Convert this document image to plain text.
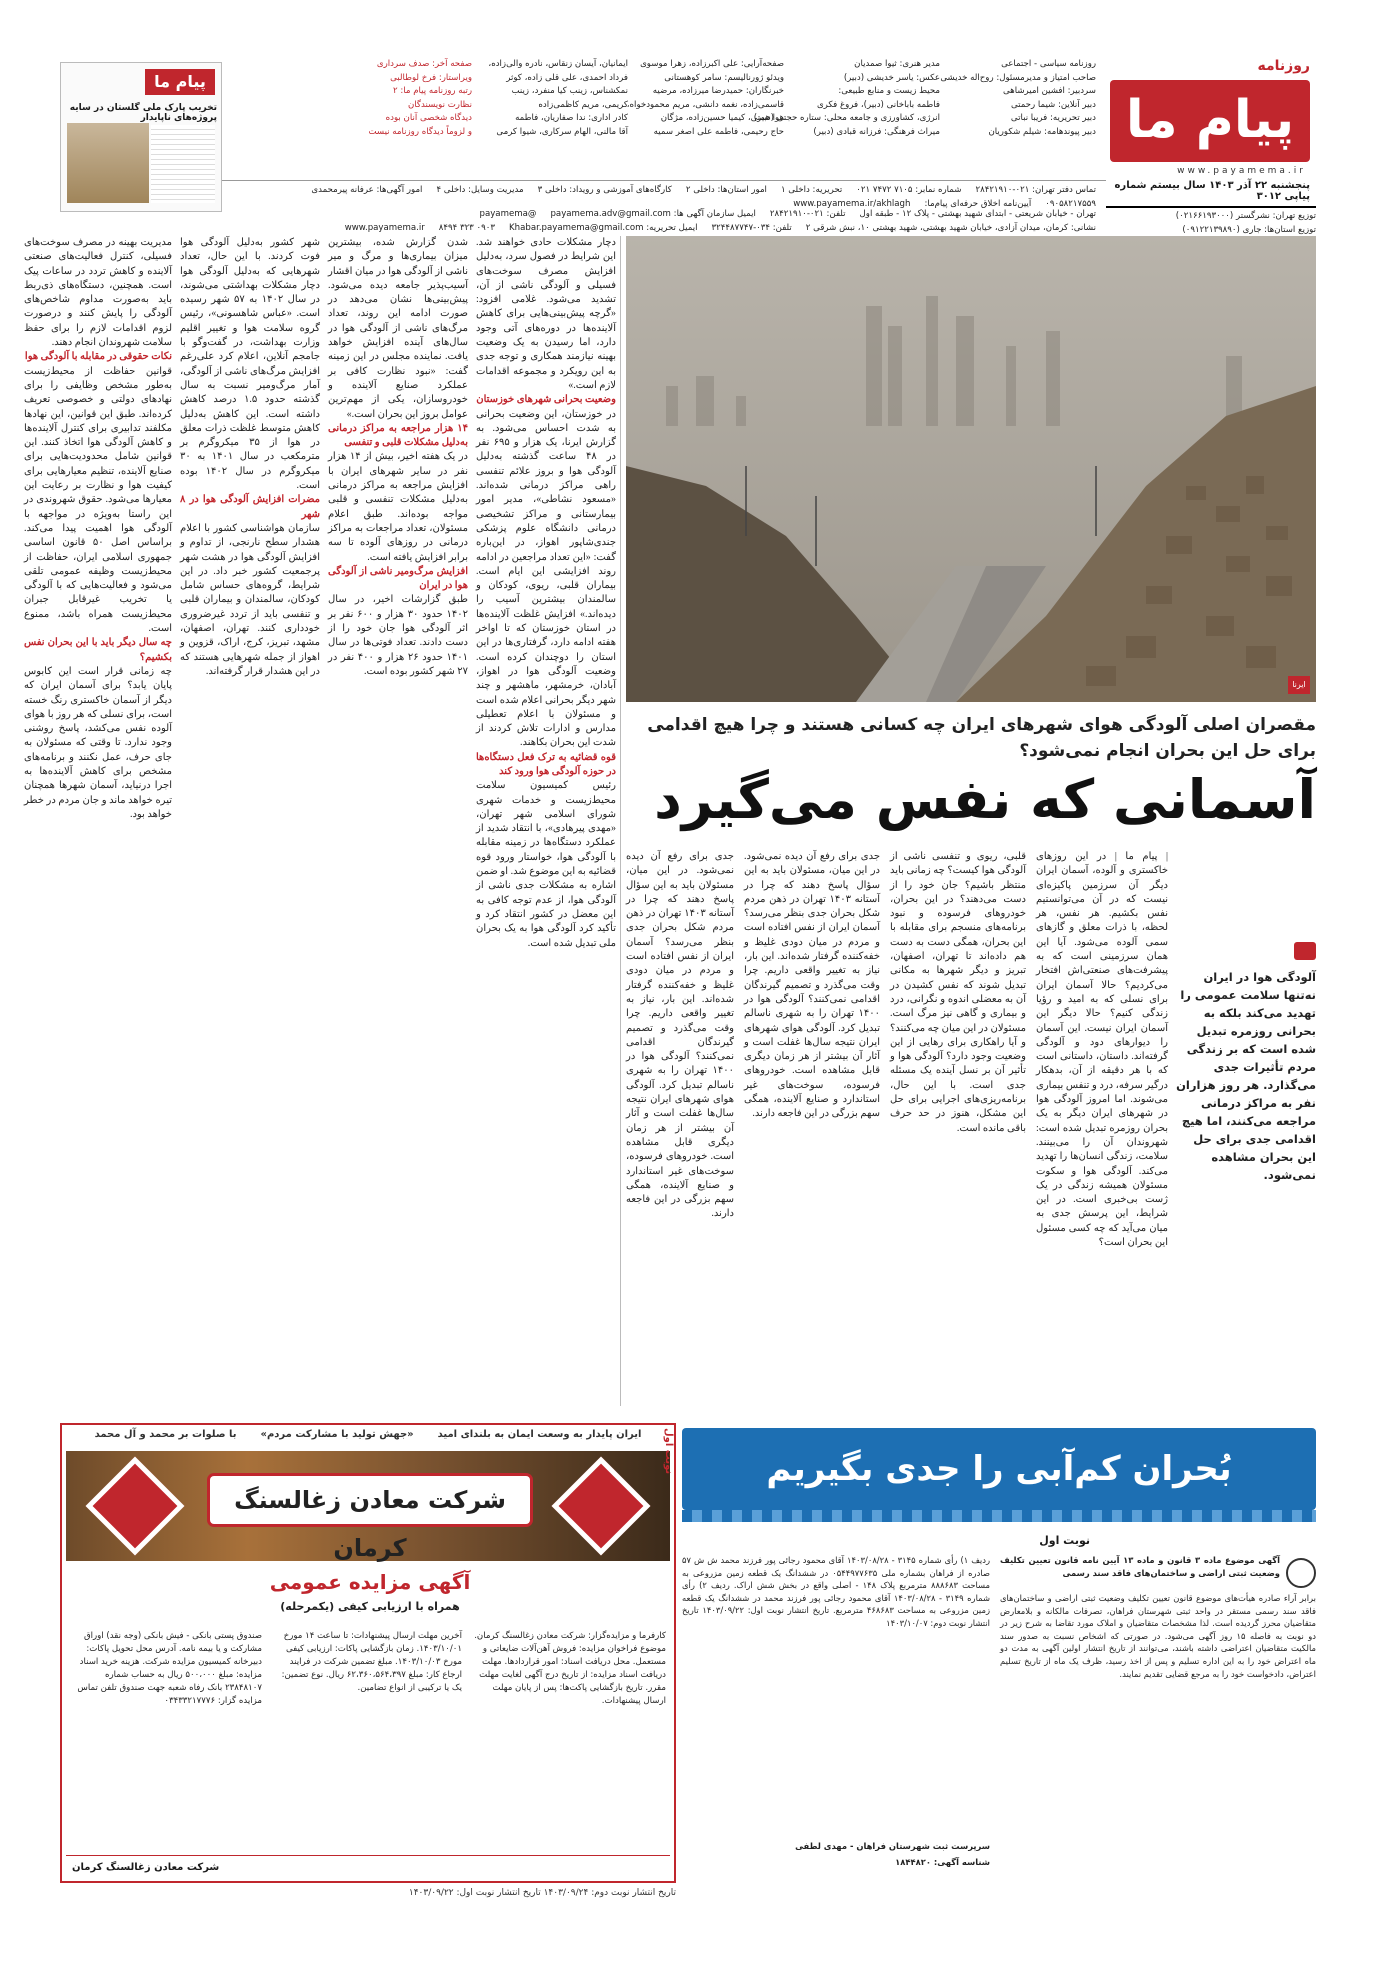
روزنامه
پیام ما
www.payamema.ir
پنجشنبه ۲۲ آذر ۱۴۰۳ سال بیستم شماره پیاپی ۳۰۱۲
روزنامه سیاسی - اجتماعی
صاحب امتیاز و مدیرمسئول: روح‌اله خدیشی
سردبیر: افشین امیرشاهی
دبیر آنلاین: شیما رحمتی
دبیر تحریریه: فریبا نباتی
دبیر پیوندهامه: شیلم شکوریان
مدیر هنری: ثیوا صمدیان
عکس: یاسر خدیشی (دبیر)
محیط زیست و منابع طبیعی:
فاطمه باباخانی (دبیر)، فروغ فکری
انرژی، کشاورزی و جامعه محلی: ستاره حجتی (دبیر)
میراث فرهنگی: فرزانه قبادی (دبیر)
صفحه‌آرایی: علی اکبرزاده، زهرا موسوی
ویدئو ژورنالیسم: سامر کوهستانی
خبرنگاران: حمیدرضا میرزاده، مرضیه
قاسمی‌زاده، نغمه دانشی، مریم محمودخواه،
هوا همتی، کیمیا حسین‌زاده، مژگان
حاج رحیمی، فاطمه علی اصغر سمیه
ایمانیان، آیسان زنقاس، نادره والی‌زاده،
فرداد احمدی، علی قلی زاده، کوثر
نمکشناس، زینب کیا منفرد، زینب
کریمی، مریم کاظمی‌زاده
کادر اداری: ندا صفاریان، فاطمه
آقا مالنی، الهام سرکاری، شیوا کرمی
صفحه آخر: صدف سرداری
ویراستار: فرخ لوطالبی
رتبه روزنامه پیام ما: ۲
نظارت نویسندگان
دیدگاه شخصی آنان بوده
و لزوماً دیدگاه روزنامه نیست
تماس دفتر تهران: ۰۲۱-۲۸۴۲۱۹۱۰
شماره نمابر: ۷۱۰۵ ۷۴۷۲ ۰۲۱
تحریریه: داخلی ۱
امور استان‌ها: داخلی ۲
کارگاه‌های آموزشی و رویداد: داخلی ۳
مدیریت وسایل: داخلی ۴
امور آگهی‌ها: عرفانه پیرمحمدی
۰۹۰۵۸۲۱۷۵۵۹
آیین‌نامه اخلاق حرفه‌ای پیام‌ما:
www.payamema.ir/akhlagh
تهران - خیابان شریعتی - ابتدای شهید بهشتی - پلاک ۱۲ - طبقه اول
تلفن: ۰۲۱-۲۸۴۲۱۹۱۰
ایمیل سازمان آگهی ها: payamema.adv@gmail.com
@payamema
نشانی: کرمان، میدان آزادی، خیابان شهید بهشتی، شهید بهشتی ۱۰، نبش شرقی ۲
تلفن: ۰۳۴-۳۲۴۴۸۷۷۴۷
ایمیل تحریریه: Khabar.payamema@gmail.com
۰۹۰۳ ۳۲۳ ۸۴۹۴
www.payamema.ir
توزیع تهران: نشرگستر (۰۲۱۶۶۱۹۳۰۰۰)
توزیع استان‌ها: جاری (۰۹۱۲۲۱۳۹۸۹۰)
پیام ما
تخریب پارک ملی گلستان در سایه پروژه‌های ناپایدار
ایرنا
مقصران اصلی آلودگی هوای شهرهای ایران چه کسانی هستند و چرا هیچ اقدامی برای حل این بحران انجام نمی‌شود؟
آسمانی که نفس می‌گیرد

آلودگی هوا در ایران نه‌تنها سلامت عمومی را تهدید می‌کند بلکه به بحرانی روزمره تبدیل شده است که بر زندگی مردم تأثیرات جدی می‌گذارد. هر روز هزاران نفر به مراکز درمانی مراجعه می‌کنند، اما هیچ اقدامی جدی برای حل این بحران مشاهده نمی‌شود.

| پیام ما | در این روزهای خاکستری و آلوده، آسمان ایران دیگر آن سرزمین پاکیزه‌ای نیست که در آن می‌توانستیم نفس بکشیم. هر نفس، هر لحظه، با ذرات معلق و گازهای سمی آلوده می‌شود. آیا این همان سرزمینی است که به پیشرفت‌های صنعتی‌اش افتخار می‌کردیم؟ حالا آسمان ایران برای نسلی که به امید و رؤیا زندگی کنیم؟ حالا دیگر این آسمان ایران نیست. این آسمان را دیوارهای دود و آلودگی گرفته‌اند. داستان، داستانی است که با هر دقیقه از آن، بدهکار درگیر سرفه، درد و تنفس بیماری می‌شوند. اما امروز آلودگی هوا در شهرهای ایران دیگر به یک بحران روزمره تبدیل شده است: شهروندان آن را می‌بینند. سلامت، زندگی انسان‌ها را تهدید می‌کند. آلودگی هوا و سکوت مسئولان همیشه زندگی در یک ژست بی‌خبری است. در این شرایط، این پرسش جدی به میان می‌آید که چه کسی مسئول این بحران است؟

قلبی، ریوی و تنفسی ناشی از آلودگی هوا کیست؟ چه زمانی باید منتظر باشیم؟ جان خود را از دست می‌دهند؟ در این بحران، خودروهای فرسوده و نبود برنامه‌های منسجم برای مقابله با این بحران، همگی دست به دست هم داده‌اند تا تهران، اصفهان، تبریز و دیگر شهرها به مکانی تبدیل شوند که نفس کشیدن در آن به معضلی اندوه و نگرانی، درد و بیماری و گاهی نیز مرگ است. مسئولان در این میان چه می‌کنند؟ و آیا راهکاری برای رهایی از این وضعیت وجود دارد؟ آلودگی هوا و تأثیر آن بر نسل آینده یک مسئله جدی است. با این حال، برنامه‌ریزی‌های اجرایی برای حل این مشکل، هنوز در حد حرف باقی مانده است.

جدی برای رفع آن دیده نمی‌شود. در این میان، مسئولان باید به این سؤال پاسخ دهند که چرا در آستانه ۱۴۰۳ تهران در ذهن مردم شکل بحران جدی بنظر می‌رسد؟ آسمان ایران از نفس افتاده است و مردم در میان دودی غلیظ و خفه‌کننده گرفتار شده‌اند. این بار، نیاز به تغییر واقعی داریم. چرا وقت می‌گذرد و تصمیم گیرندگان اقدامی نمی‌کنند؟ آلودگی هوا در ۱۴۰۰ تهران را به شهری ناسالم تبدیل کرد. آلودگی هوای شهرهای ایران نتیجه سال‌ها غفلت است و آثار آن بیشتر از هر زمان دیگری قابل مشاهده است. خودروهای فرسوده، سوخت‌های غیر استاندارد و صنایع آلاینده، همگی سهم بزرگی در این فاجعه دارند.

جدی برای رفع آن دیده نمی‌شود. در این میان، مسئولان باید به این سؤال پاسخ دهند که چرا در آستانه ۱۴۰۳ تهران در ذهن مردم شکل بحران جدی بنظر می‌رسد؟ آسمان ایران از نفس افتاده است و مردم در میان دودی غلیظ و خفه‌کننده گرفتار شده‌اند. این بار، نیاز به تغییر واقعی داریم. چرا وقت می‌گذرد و تصمیم گیرندگان اقدامی نمی‌کنند؟ آلودگی هوا در ۱۴۰۰ تهران را به شهری ناسالم تبدیل کرد. آلودگی هوای شهرهای ایران نتیجه سال‌ها غفلت است و آثار آن بیشتر از هر زمان دیگری قابل مشاهده است. خودروهای فرسوده، سوخت‌های غیر استاندارد و صنایع آلاینده، همگی سهم بزرگی در این فاجعه دارند.

دچار مشکلات حادی خواهند شد. این شرایط در فصول سرد، به‌دلیل افزایش مصرف سوخت‌های فسیلی و آلودگی ناشی از آن، تشدید می‌شود. غلامی افزود: «گرچه پیش‌بینی‌هایی برای کاهش آلاینده‌ها در دوره‌های آتی وجود دارد، اما رسیدن به یک وضعیت بهینه نیازمند همکاری و توجه جدی به این رویکرد و مجموعه اقدامات لازم است.»

وضعیت بحرانی شهرهای خوزستان

در خوزستان، این وضعیت بحرانی به شدت احساس می‌شود. به گزارش ایرنا، یک هزار و ۶۹۵ نفر در ۴۸ ساعت گذشته به‌دلیل آلودگی هوا و بروز علائم تنفسی راهی مراکز درمانی شده‌اند. «مسعود نشاطی»، مدیر امور بیمارستانی و مراکز تشخیصی درمانی دانشگاه علوم پزشکی جندی‌شاپور اهواز، در این‌باره گفت: «این تعداد مراجعین در ادامه روند افزایشی این ایام است. بیماران قلبی، ریوی، کودکان و سالمندان بیشترین آسیب را دیده‌اند.» افزایش غلظت آلاینده‌ها در استان خوزستان که تا اواخر هفته ادامه دارد، گرفتاری‌ها در این استان را دوچندان کرده است. وضعیت آلودگی هوا در اهواز، آبادان، خرمشهر، ماهشهر و چند شهر دیگر بحرانی اعلام شده است و مسئولان با اعلام تعطیلی مدارس و ادارات تلاش کردند از شدت این بحران بکاهند.

قوه قضائیه به ترک فعل دستگاه‌ها در حوزه آلودگی هوا ورود کند

رئیس کمیسیون سلامت محیط‌زیست و خدمات شهری شورای اسلامی شهر تهران، «مهدی پیرهادی»، با انتقاد شدید از عملکرد دستگاه‌ها در زمینه مقابله با آلودگی هوا، خواستار ورود قوه قضائیه به این موضوع شد. او ضمن اشاره به مشکلات جدی ناشی از آلودگی هوا، از عدم توجه کافی به این معضل در کشور انتقاد کرد و تأکید کرد آلودگی هوا به یک بحران ملی تبدیل شده است.

شدن گزارش شده، بیشترین میزان بیماری‌ها و مرگ و میر ناشی از آلودگی هوا در میان اقشار آسیب‌پذیر جامعه دیده می‌شود. پیش‌بینی‌ها نشان می‌دهد در صورت ادامه این روند، تعداد مرگ‌های ناشی از آلودگی هوا در سال‌های آینده افزایش خواهد یافت. نماینده مجلس در این زمینه گفت: «نبود نظارت کافی بر عملکرد صنایع آلاینده و خودروسازان، یکی از مهم‌ترین عوامل بروز این بحران است.»

۱۴ هزار مراجعه به مراکز درمانی به‌دلیل مشکلات قلبی و تنفسی

در یک هفته اخیر، بیش از ۱۴ هزار نفر در سایر شهرهای ایران با افزایش مراجعه به مراکز درمانی به‌دلیل مشکلات تنفسی و قلبی مواجه بوده‌اند. طبق اعلام مسئولان، تعداد مراجعات به مراکز درمانی در روزهای آلوده تا سه برابر افزایش یافته است.

افزایش مرگ‌ومیر ناشی از آلودگی هوا در ایران

طبق گزارشات اخیر، در سال ۱۴۰۲ حدود ۳۰ هزار و ۶۰۰ نفر بر اثر آلودگی هوا جان خود را از دست دادند. تعداد فوتی‌ها در سال ۱۴۰۱ حدود ۲۶ هزار و ۴۰۰ نفر در ۲۷ شهر کشور بوده است.

شهر کشور به‌دلیل آلودگی هوا فوت کردند. با این حال، تعداد شهرهایی که به‌دلیل آلودگی هوا دچار مشکلات بهداشتی می‌شوند، در سال ۱۴۰۲ به ۵۷ شهر رسیده است. «عباس شاهسونی»، رئیس گروه سلامت هوا و تغییر اقلیم وزارت بهداشت، در گفت‌وگو با جامجم آنلاین، اعلام کرد علی‌رغم افزایش مرگ‌های ناشی از آلودگی، آمار مرگ‌ومیر نسبت به سال گذشته حدود ۱.۵ درصد کاهش داشته است. این کاهش به‌دلیل کاهش متوسط غلظت ذرات معلق در هوا از ۳۵ میکروگرم بر مترمکعب در سال ۱۴۰۱ به ۳۰ میکروگرم در سال ۱۴۰۲ بوده است.

مضرات افزایش آلودگی هوا در ۸ شهر

سازمان هواشناسی کشور با اعلام هشدار سطح نارنجی، از تداوم و افزایش آلودگی هوا در هشت شهر پرجمعیت کشور خبر داد. در این شرایط، گروه‌های حساس شامل کودکان، سالمندان و بیماران قلبی و تنفسی باید از تردد غیرضروری خودداری کنند. تهران، اصفهان، مشهد، تبریز، کرج، اراک، قزوین و اهواز از جمله شهرهایی هستند که در این هشدار قرار گرفته‌اند.

مدیریت بهینه در مصرف سوخت‌های فسیلی، کنترل فعالیت‌های صنعتی آلاینده و کاهش تردد در ساعات پیک است. همچنین، دستگاه‌های ذی‌ربط باید به‌صورت مداوم شاخص‌های آلودگی را پایش کنند و درصورت لزوم اقدامات لازم را برای حفظ سلامت شهروندان انجام دهند.

نکات حقوقی در مقابله با آلودگی هوا

قوانین حفاظت از محیط‌زیست به‌طور مشخص وظایفی را برای نهادهای دولتی و خصوصی تعریف کرده‌اند. طبق این قوانین، این نهادها مکلفند تدابیری برای کنترل آلاینده‌ها و کاهش آلودگی هوا اتخاذ کنند. این قوانین شامل محدودیت‌هایی برای صنایع آلاینده، تنظیم معیارهایی برای کیفیت هوا و نظارت بر رعایت این معیارها می‌شود. حقوق شهروندی در این راستا به‌ویژه در مواجهه با آلودگی هوا اهمیت پیدا می‌کند. براساس اصل ۵۰ قانون اساسی جمهوری اسلامی ایران، حفاظت از محیط‌زیست وظیفه عمومی تلقی می‌شود و فعالیت‌هایی که با آلودگی یا تخریب غیرقابل جبران محیط‌زیست همراه باشد، ممنوع است.

چه سال دیگر باید با این بحران نفس بکشیم؟

چه زمانی قرار است این کابوس پایان یابد؟ برای آسمان ایران که دیگر از آسمان خاکستری رنگ خسته است، برای نسلی که هر روز با هوای آلوده نفس می‌کشد، پاسخ روشنی وجود ندارد. تا وقتی که مسئولان به جای حرف، عمل نکنند و برنامه‌های مشخص برای کاهش آلاینده‌ها به اجرا درنیاید، آسمان شهرها همچنان تیره خواهد ماند و جان مردم در خطر خواهد بود.

بُحران کم‌آبی را جدی بگیریم
نوبت اول
آگهی موضوع ماده ۳ قانون و ماده ۱۳ آیین نامه قانون تعیین تکلیف وضعیت ثبتی اراضی و ساختمان‌های فاقد سند رسمی
برابر آراء صادره هیأت‌های موضوع قانون تعیین تکلیف وضعیت ثبتی اراضی و ساختمان‌های فاقد سند رسمی مستقر در واحد ثبتی شهرستان فراهان، تصرفات مالکانه و بلامعارض متقاضیان محرز گردیده است. لذا مشخصات متقاضیان و املاک مورد تقاضا به شرح زیر در دو نوبت به فاصله ۱۵ روز آگهی می‌شود. در صورتی که اشخاص نسبت به صدور سند مالکیت متقاضیان اعتراضی داشته باشند، می‌توانند از تاریخ انتشار اولین آگهی به مدت دو ماه اعتراض خود را به این اداره تسلیم و پس از اخذ رسید، ظرف یک ماه از تاریخ تسلیم اعتراض، دادخواست خود را به مرجع قضایی تقدیم نمایند.
ردیف ۱) رأی شماره ۳۱۴۵ - ۱۴۰۳/۰۸/۲۸ آقای محمود رجائی پور فرزند محمد ش ش ۵۷ صادره از فراهان بشماره ملی ۰۵۴۴۹۷۷۶۳۵ در ششدانگ یک قطعه زمین مزروعی به مساحت ۸۸۸۶۸۳ مترمربع پلاک ۱۴۸ - اصلی واقع در بخش شش اراک. ردیف ۲) رأی شماره ۳۱۴۹ - ۱۴۰۳/۰۸/۲۸ آقای محمود رجائی پور فرزند محمد در ششدانگ یک قطعه زمین مزروعی به مساحت ۴۶۸۶۸۳ مترمربع. تاریخ انتشار نوبت اول: ۱۴۰۳/۰۹/۲۲ تاریخ انتشار نوبت دوم: ۱۴۰۳/۱۰/۰۷
سرپرست ثبت شهرستان فراهان - مهدی لطفی
شناسه آگهی: ۱۸۴۴۸۲۰
ایران پایدار به وسعت ایمان به بلندای امید«جهش تولید با مشارکت مردم»با صلوات بر محمد و آل محمد
شرکت معادن زغالسنگ کرمان
نوبت اول
آگهی مزایده عمومی
همراه با ارزیابی کیفی (یکمرحله)
کارفرما و مزایده‌گزار: شرکت معادن زغالسنگ کرمان. موضوع فراخوان مزایده: فروش آهن‌آلات ضایعاتی و مستعمل. محل دریافت اسناد: امور قراردادها. مهلت دریافت اسناد مزایده: از تاریخ درج آگهی لغایت مهلت مقرر. تاریخ بازگشایی پاکت‌ها: پس از پایان مهلت ارسال پیشنهادات.
آخرین مهلت ارسال پیشنهادات: تا ساعت ۱۴ مورخ ۱۴۰۳/۱۰/۰۱. زمان بازگشایی پاکات: ارزیابی کیفی مورخ ۱۴۰۳/۱۰/۰۳. مبلغ تضمین شرکت در فرایند ارجاع کار: مبلغ ۶۲،۳۶۰،۵۶۴،۳۹۷ ریال. نوع تضمین: یک یا ترکیبی از انواع تضامین.
صندوق پستی بانکی - فیش بانکی (وجه نقد) اوراق مشارکت و یا بیمه نامه. آدرس محل تحویل پاکات: دبیرخانه کمیسیون مزایده شرکت. هزینه خرید اسناد مزایده: مبلغ ۵۰۰،۰۰۰ ریال به حساب شماره ۲۳۸۴۸۱۰۷ بانک رفاه شعبه جهت صندوق تلفن تماس مزایده گزار: ۰۳۴۳۳۲۱۷۷۷۶
شرکت معادن زغالسنگ کرمان
تاریخ انتشار نوبت دوم: ۱۴۰۳/۰۹/۲۴ تاریخ انتشار نوبت اول: ۱۴۰۳/۰۹/۲۲
